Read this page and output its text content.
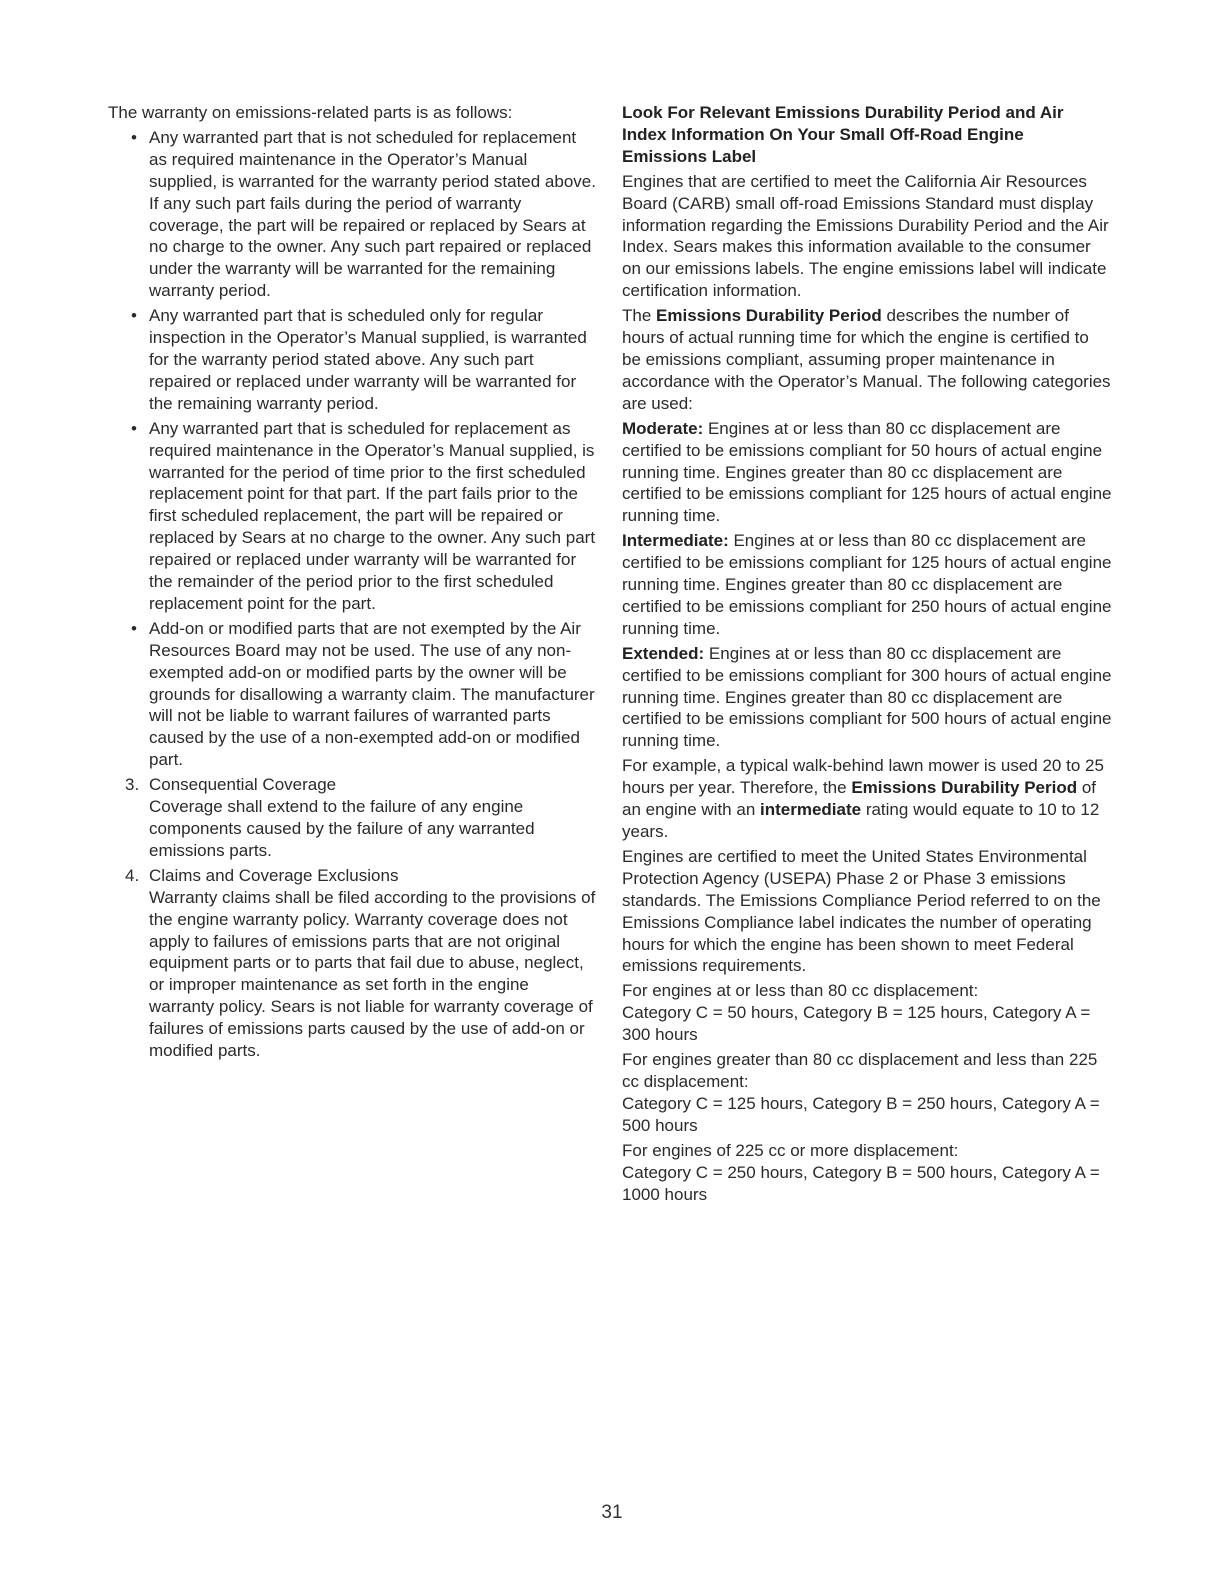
The warranty on emissions-related parts is as follows:

• Any warranted part that is not scheduled for replacement as required maintenance in the Operator’s Manual supplied, is warranted for the warranty period stated above. If any such part fails during the period of warranty coverage, the part will be repaired or replaced by Sears at no charge to the owner. Any such part repaired or replaced under the warranty will be warranted for the remaining warranty period.
• Any warranted part that is scheduled only for regular inspection in the Operator’s Manual supplied, is warranted for the warranty period stated above. Any such part repaired or replaced under warranty will be warranted for the remaining warranty period.
• Any warranted part that is scheduled for replacement as required maintenance in the Operator’s Manual supplied, is warranted for the period of time prior to the first scheduled replacement point for that part. If the part fails prior to the first scheduled replacement, the part will be repaired or replaced by Sears at no charge to the owner. Any such part repaired or replaced under warranty will be warranted for the remainder of the period prior to the first scheduled replacement point for the part.
• Add-on or modified parts that are not exempted by the Air Resources Board may not be used. The use of any non-exempted add-on or modified parts by the owner will be grounds for disallowing a warranty claim. The manufacturer will not be liable to warrant failures of warranted parts caused by the use of a non-exempted add-on or modified part.
3. Consequential Coverage
Coverage shall extend to the failure of any engine components caused by the failure of any warranted emissions parts.
4. Claims and Coverage Exclusions
Warranty claims shall be filed according to the provisions of the engine warranty policy. Warranty coverage does not apply to failures of emissions parts that are not original equipment parts or to parts that fail due to abuse, neglect, or improper maintenance as set forth in the engine warranty policy. Sears is not liable for warranty coverage of failures of emissions parts caused by the use of add-on or modified parts.

Look For Relevant Emissions Durability Period and Air Index Information On Your Small Off-Road Engine Emissions Label

Engines that are certified to meet the California Air Resources Board (CARB) small off-road Emissions Standard must display information regarding the Emissions Durability Period and the Air Index. Sears makes this information available to the consumer on our emissions labels. The engine emissions label will indicate certification information.

The Emissions Durability Period describes the number of hours of actual running time for which the engine is certified to be emissions compliant, assuming proper maintenance in accordance with the Operator’s Manual. The following categories are used:

Moderate: Engines at or less than 80 cc displacement are certified to be emissions compliant for 50 hours of actual engine running time. Engines greater than 80 cc displacement are certified to be emissions compliant for 125 hours of actual engine running time.

Intermediate: Engines at or less than 80 cc displacement are certified to be emissions compliant for 125 hours of actual engine running time. Engines greater than 80 cc displacement are certified to be emissions compliant for 250 hours of actual engine running time.

Extended: Engines at or less than 80 cc displacement are certified to be emissions compliant for 300 hours of actual engine running time. Engines greater than 80 cc displacement are certified to be emissions compliant for 500 hours of actual engine running time.

For example, a typical walk-behind lawn mower is used 20 to 25 hours per year. Therefore, the Emissions Durability Period of an engine with an intermediate rating would equate to 10 to 12 years.

Engines are certified to meet the United States Environmental Protection Agency (USEPA) Phase 2 or Phase 3 emissions standards. The Emissions Compliance Period referred to on the Emissions Compliance label indicates the number of operating hours for which the engine has been shown to meet Federal emissions requirements.

For engines at or less than 80 cc displacement:

Category C = 50 hours, Category B = 125 hours, Category A = 300 hours

For engines greater than 80 cc displacement and less than 225 cc displacement:

Category C = 125 hours, Category B = 250 hours, Category A = 500 hours

For engines of 225 cc or more displacement:

Category C = 250 hours, Category B = 500 hours, Category A = 1000 hours

31
